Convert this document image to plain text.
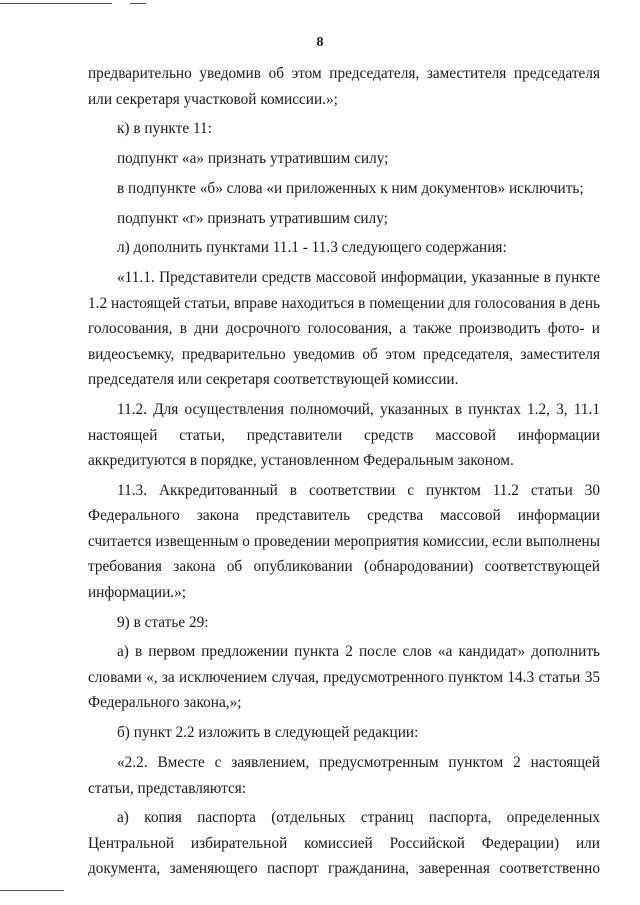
8

предварительно уведомив об этом председателя, заместителя председателя или секретаря участковой комиссии.»;

к) в пункте 11:

подпункт «а» признать утратившим силу;

в подпункте «б» слова «и приложенных к ним документов» исключить;

подпункт «г» признать утратившим силу;

л) дополнить пунктами 11.1 - 11.3 следующего содержания:

«11.1. Представители средств массовой информации, указанные в пункте 1.2 настоящей статьи, вправе находиться в помещении для голосования в день голосования, в дни досрочного голосования, а также производить фото- и видеосъемку, предварительно уведомив об этом председателя, заместителя председателя или секретаря соответствующей комиссии.

11.2. Для осуществления полномочий, указанных в пунктах 1.2, 3, 11.1 настоящей статьи, представители средств массовой информации аккредитуются в порядке, установленном Федеральным законом.

11.3. Аккредитованный в соответствии с пунктом 11.2 статьи 30 Федерального закона представитель средства массовой информации считается извещенным о проведении мероприятия комиссии, если выполнены требования закона об опубликовании (обнародовании) соответствующей информации.»;

9) в статье 29:

а) в первом предложении пункта 2 после слов «а кандидат» дополнить словами «, за исключением случая, предусмотренного пунктом 14.3 статьи 35 Федерального закона,»;

б) пункт 2.2 изложить в следующей редакции:

«2.2. Вместе с заявлением, предусмотренным пунктом 2 настоящей статьи, представляются:

а) копия паспорта (отдельных страниц паспорта, определенных Центральной избирательной комиссией Российской Федерации) или документа, заменяющего паспорт гражданина, заверенная соответственно
